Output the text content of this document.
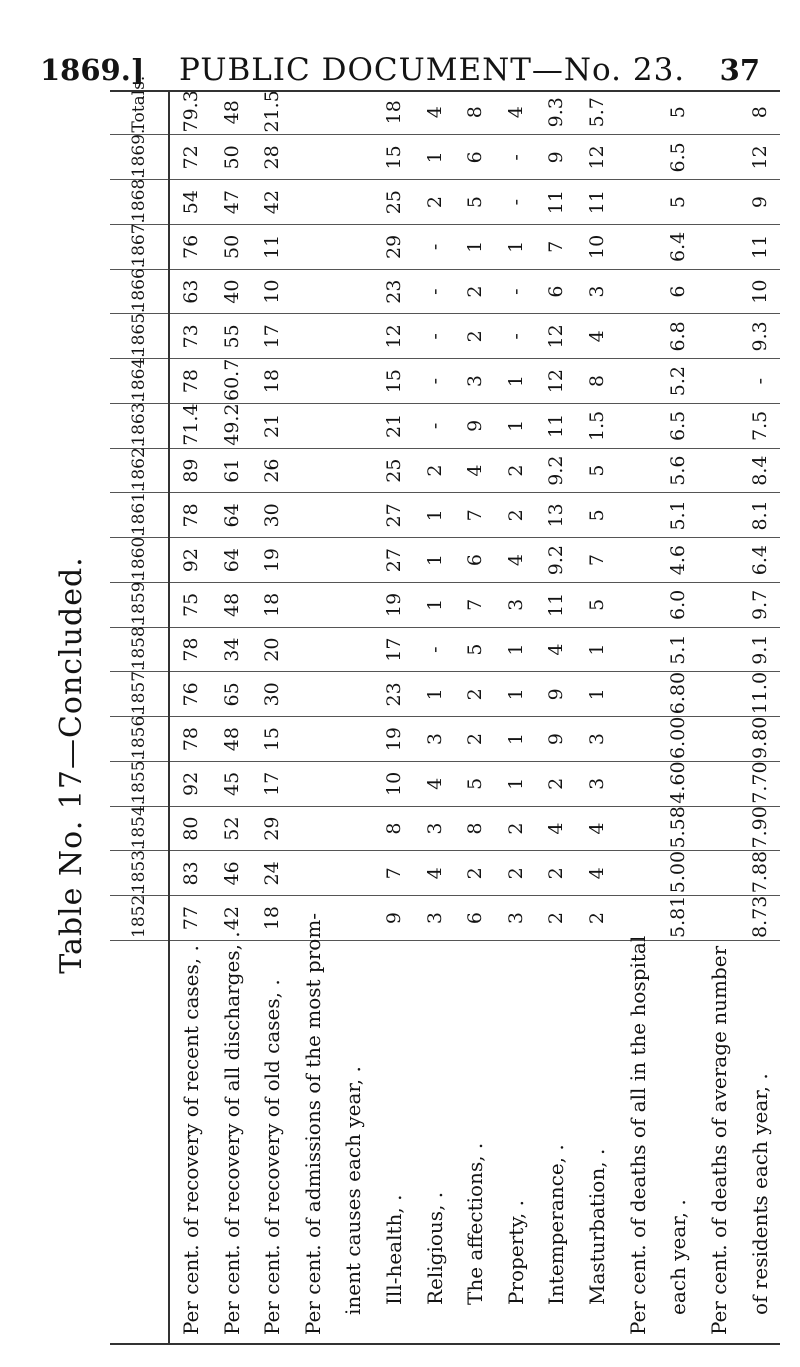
1869.] PUBLIC DOCUMENT—No. 23. 37
Table No. 17—Concluded.
		1852.	1853.	1854.	1855.	1856.	1857.	1858.	1859.	1860.	1861.	1862.	1863.	1864.	1865.	1866.	1867.	1868.	1869.	Totals.
Per cent. of recovery of recent cases, .	77	83	80	92	78	76	78	75	92	78	89	71.4	78	73	63	76	54	72	79.3
Per cent. of recovery of all discharges, .	42	46	52	45	48	65	34	48	64	64	61	49.2	60.7	55	40	50	47	50	48
Per cent. of recovery of old cases, .	18	24	29	17	15	30	20	18	19	30	26	21	18	17	10	11	42	28	21.5
Per cent. of admissions of the most prom-																			
inent causes each year, .																			
Ill-health, .	9	7	8	10	19	23	17	19	27	27	25	21	15	12	23	29	25	15	18
Religious, .	3	4	3	4	3	1	-	1	1	1	2	-	-	-	-	-	2	1	4
The affections, .	6	2	8	5	2	2	5	7	6	7	4	9	3	2	2	1	5	6	8
Property, .	3	2	2	1	1	1	1	3	4	2	2	1	1	-	-	1	-	-	4
Intemperance, .	2	2	4	2	9	9	4	11	9.2	13	9.2	11	12	12	6	7	11	9	9.3
Masturbation, .	2	4	4	3	3	1	1	5	7	5	5	1.5	8	4	3	10	11	12	5.7
Per cent. of deaths of all in the hospital																			
each year, .	5.81	5.00	5.58	4.60	6.00	6.80	5.1	6.0	4.6	5.1	5.6	6.5	5.2	6.8	6	6.4	5	6.5	5
Per cent. of deaths of average number																			
of residents each year, .	8.73	7.88	7.90	7.70	9.80	11.0	9.1	9.7	6.4	8.1	8.4	7.5	-	9.3	10	11	9	12	8
